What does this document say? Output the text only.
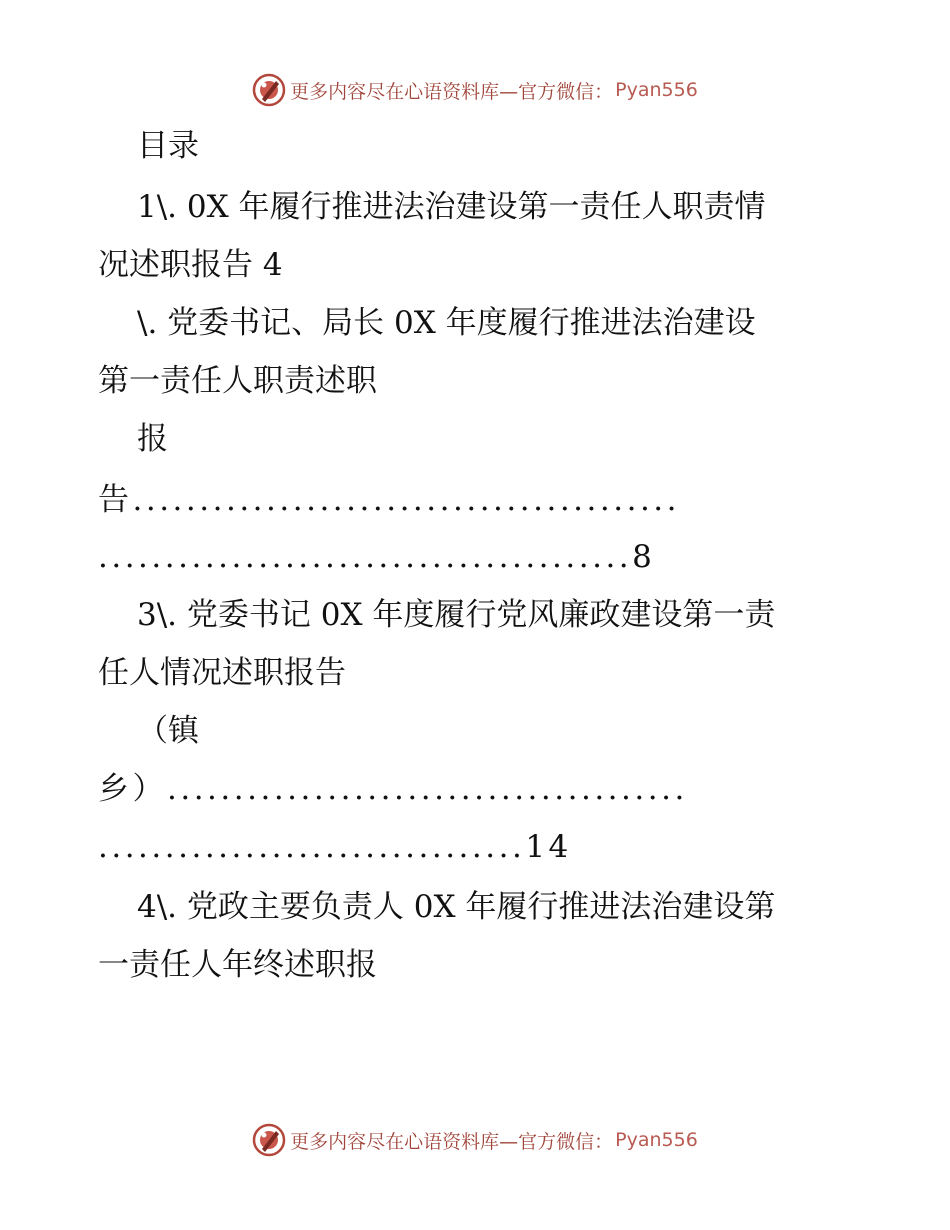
更多内容尽在心语资料库—官方微信： Pyan556
目录
1\. 0X 年履行推进法治建设第一责任人职责情
况述职报告 4
\. 党委书记、局长 0X 年度履行推进法治建设
第一责任人职责述职
报
告.........................................
........................................8
3\. 党委书记 0X 年度履行党风廉政建设第一责
任人情况述职报告
（镇
乡）.......................................
................................14
4\. 党政主要负责人 0X 年履行推进法治建设第
一责任人年终述职报
更多内容尽在心语资料库—官方微信： Pyan556
